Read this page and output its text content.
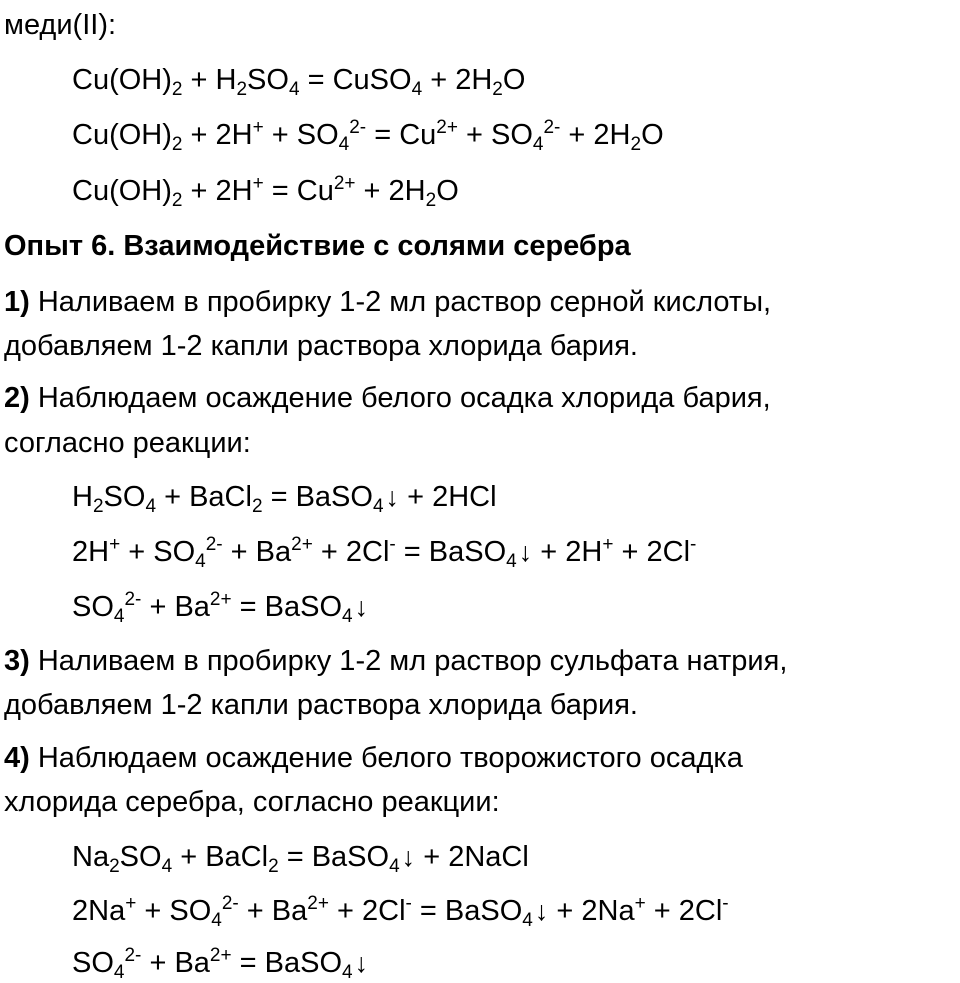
меди(II):
$Cu(OH)_2 + H_2SO_4$ = CuSO$_4$ + $2H_2O$
$Cu(OH)_2 + 2H^+ + SO_4^{2-} = Cu^{2+} + SO_4^{2-} + 2H_2O$
$Cu(OH)_2 + 2H^+ = Cu^{2+} + 2H_2O$
Опыт 6. Взаимодействие с солями серебра
1) Наливаем в пробирку 1-2 мл раствор серной кислоты,
добавляем 1-2 капли раствора хлорида бария.
2) Наблюдаем осаждение белого осадка хлорида бария,
согласно реакции:
$H_2SO_4$ + BaCl$_2$ = BaSO$_4$↓ + 2HCl
$2H^+ + SO_4^{2-} + Ba^{2+} + 2Cl^-$ = BaSO$_4$↓ + 2H+ + 2Cl-
$SO_4^{2-} + Ba^{2+}$ = BaSO$_4$↓
3) Наливаем в пробирку 1-2 мл раствор сульфата натрия,
добавляем 1-2 капли раствора хлорида бария.
4) Наблюдаем осаждение белого творожистого осадка
хлорида серебра, согласно реакции:
$Na_2SO_4$ + BaCl$_2$ = BaSO$_4$↓ + 2NaCl
$2Na^+ + SO_4^{2-} + Ba^{2+} + 2Cl^-$ = BaSO$_4$↓ + 2Na+ + 2Cl-
$SO_4^{2-} + Ba^{2+}$ = BaSO$_4$↓
